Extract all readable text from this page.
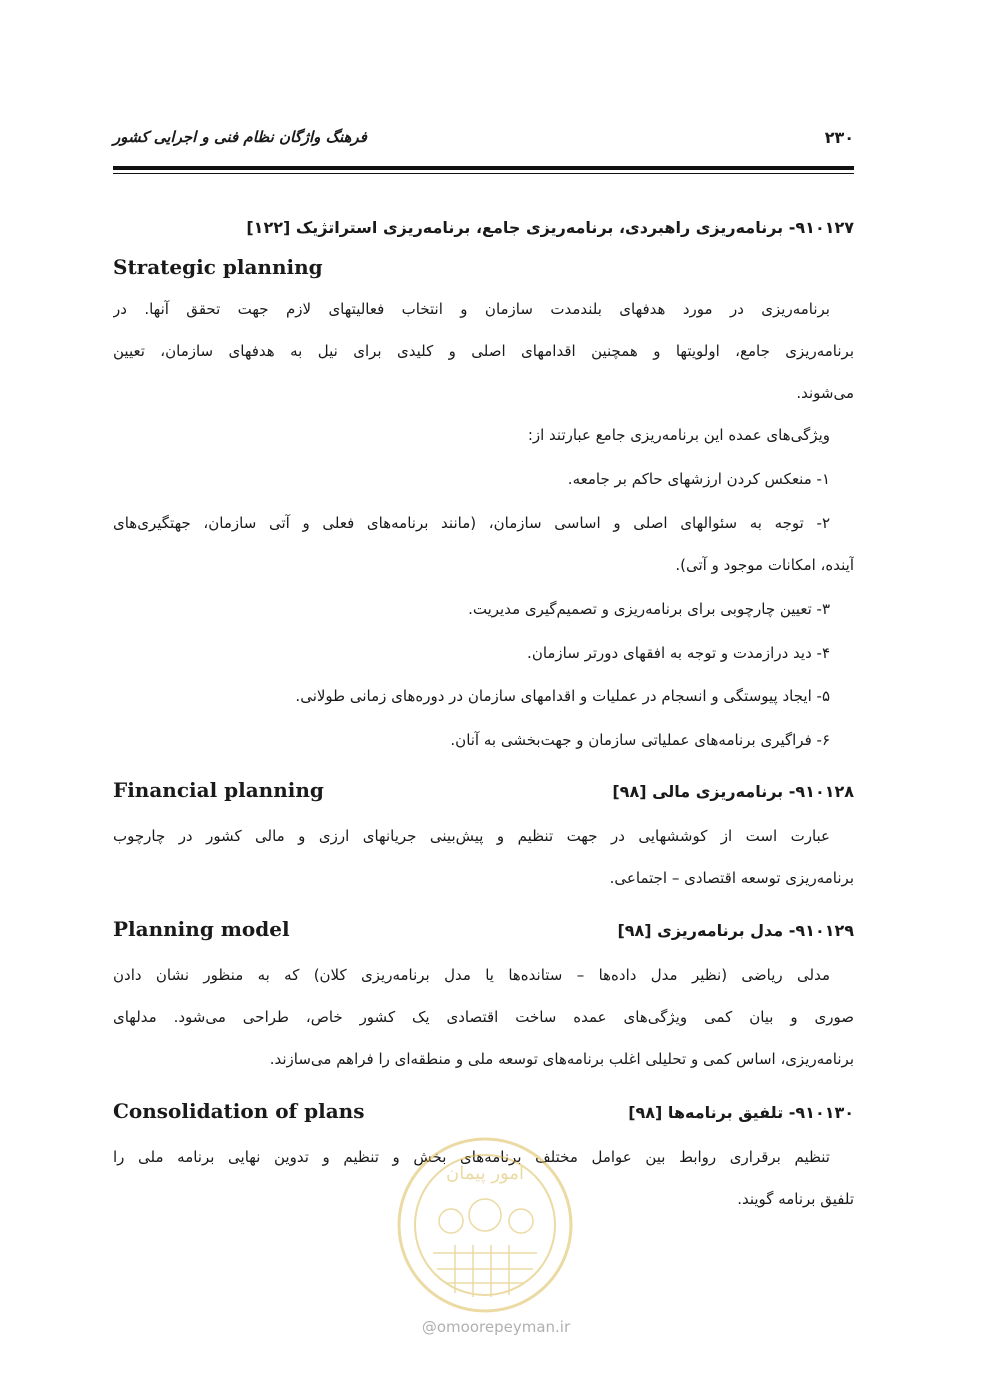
فرهنگ واژگان نظام فنی و اجرایی کشور	۲۳۰
۹۱۰۱۲۷- برنامه‌ریزی راهبردی، برنامه‌ریزی جامع، برنامه‌ریزی استراتژیک [۱۲۲]
Strategic planning
برنامه‌ریزی در مورد هدفهای بلندمدت سازمان و انتخاب فعالیتهای لازم جهت تحقق آنها. در
برنامه‌ریزی جامع، اولویتها و همچنین اقدامهای اصلی و کلیدی برای نیل به هدفهای سازمان، تعیین
می‌شوند.
ویژگی‌های عمده این برنامه‌ریزی جامع عبارتند از:
۱- منعکس کردن ارزشهای حاکم بر جامعه.
۲- توجه به سئوالهای اصلی و اساسی سازمان، (مانند برنامه‌های فعلی و آتی سازمان، جهتگیری‌های
آینده، امکانات موجود و آتی).
۳- تعیین چارچوبی برای برنامه‌ریزی و تصمیم‌گیری مدیریت.
۴- دید درازمدت و توجه به افقهای دورتر سازمان.
۵- ایجاد پیوستگی و انسجام در عملیات و اقدامهای سازمان در دوره‌های زمانی طولانی.
۶- فراگیری برنامه‌های عملیاتی سازمان و جهت‌بخشی به آنان.
۹۱۰۱۲۸- برنامه‌ریزی مالی [۹۸]
Financial planning
عبارت است از کوششهایی در جهت تنظیم و پیش‌بینی جریانهای ارزی و مالی کشور در چارچوب
برنامه‌ریزی توسعه اقتصادی – اجتماعی.
۹۱۰۱۲۹- مدل برنامه‌ریزی [۹۸]
Planning model
مدلی ریاضی (نظیر مدل داده‌ها – ستانده‌ها یا مدل برنامه‌ریزی کلان) که به منظور نشان دادن
صوری و بیان کمی ویژگی‌های عمده ساخت اقتصادی یک کشور خاص، طراحی می‌شود. مدلهای
برنامه‌ریزی، اساس کمی و تحلیلی اغلب برنامه‌های توسعه ملی و منطقه‌ای را فراهم می‌سازند.
۹۱۰۱۳۰- تلفیق برنامه‌ها [۹۸]
Consolidation of plans
تنظیم برقراری روابط بین عوامل مختلف برنامه‌های بخش و تنظیم و تدوین نهایی برنامه ملی را
تلفیق برنامه گویند.
امور پیمان
@omoorepeyman.ir
